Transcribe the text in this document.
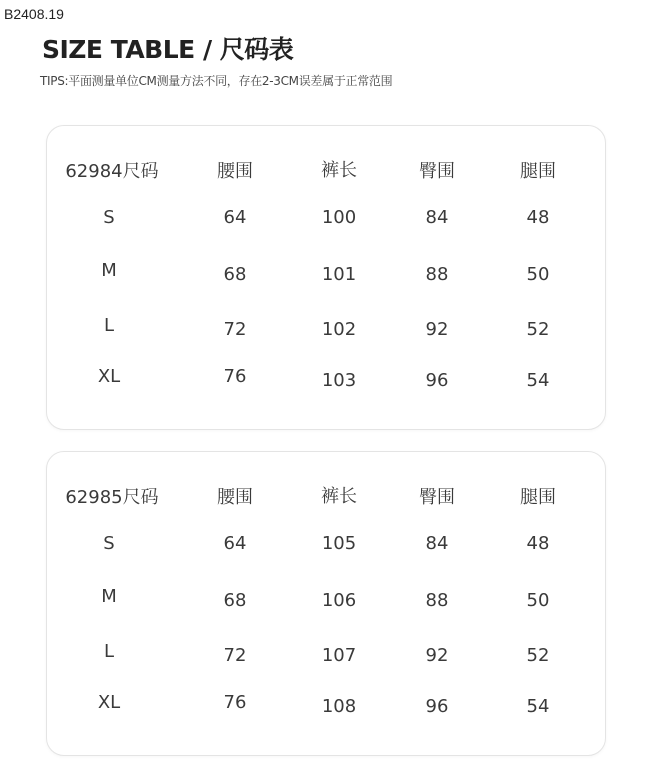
B2408.19
SIZE TABLE / 尺码表
TIPS:平面测量单位CM测量方法不同，存在2-3CM误差属于正常范围
62984尺码	腰围	裤长	臀围	腿围
S	64	100	84	48
M	68	101	88	50
L	72	102	92	52
XL	76	103	96	54
62985尺码	腰围	裤长	臀围	腿围
S	64	105	84	48
M	68	106	88	50
L	72	107	92	52
XL	76	108	96	54
